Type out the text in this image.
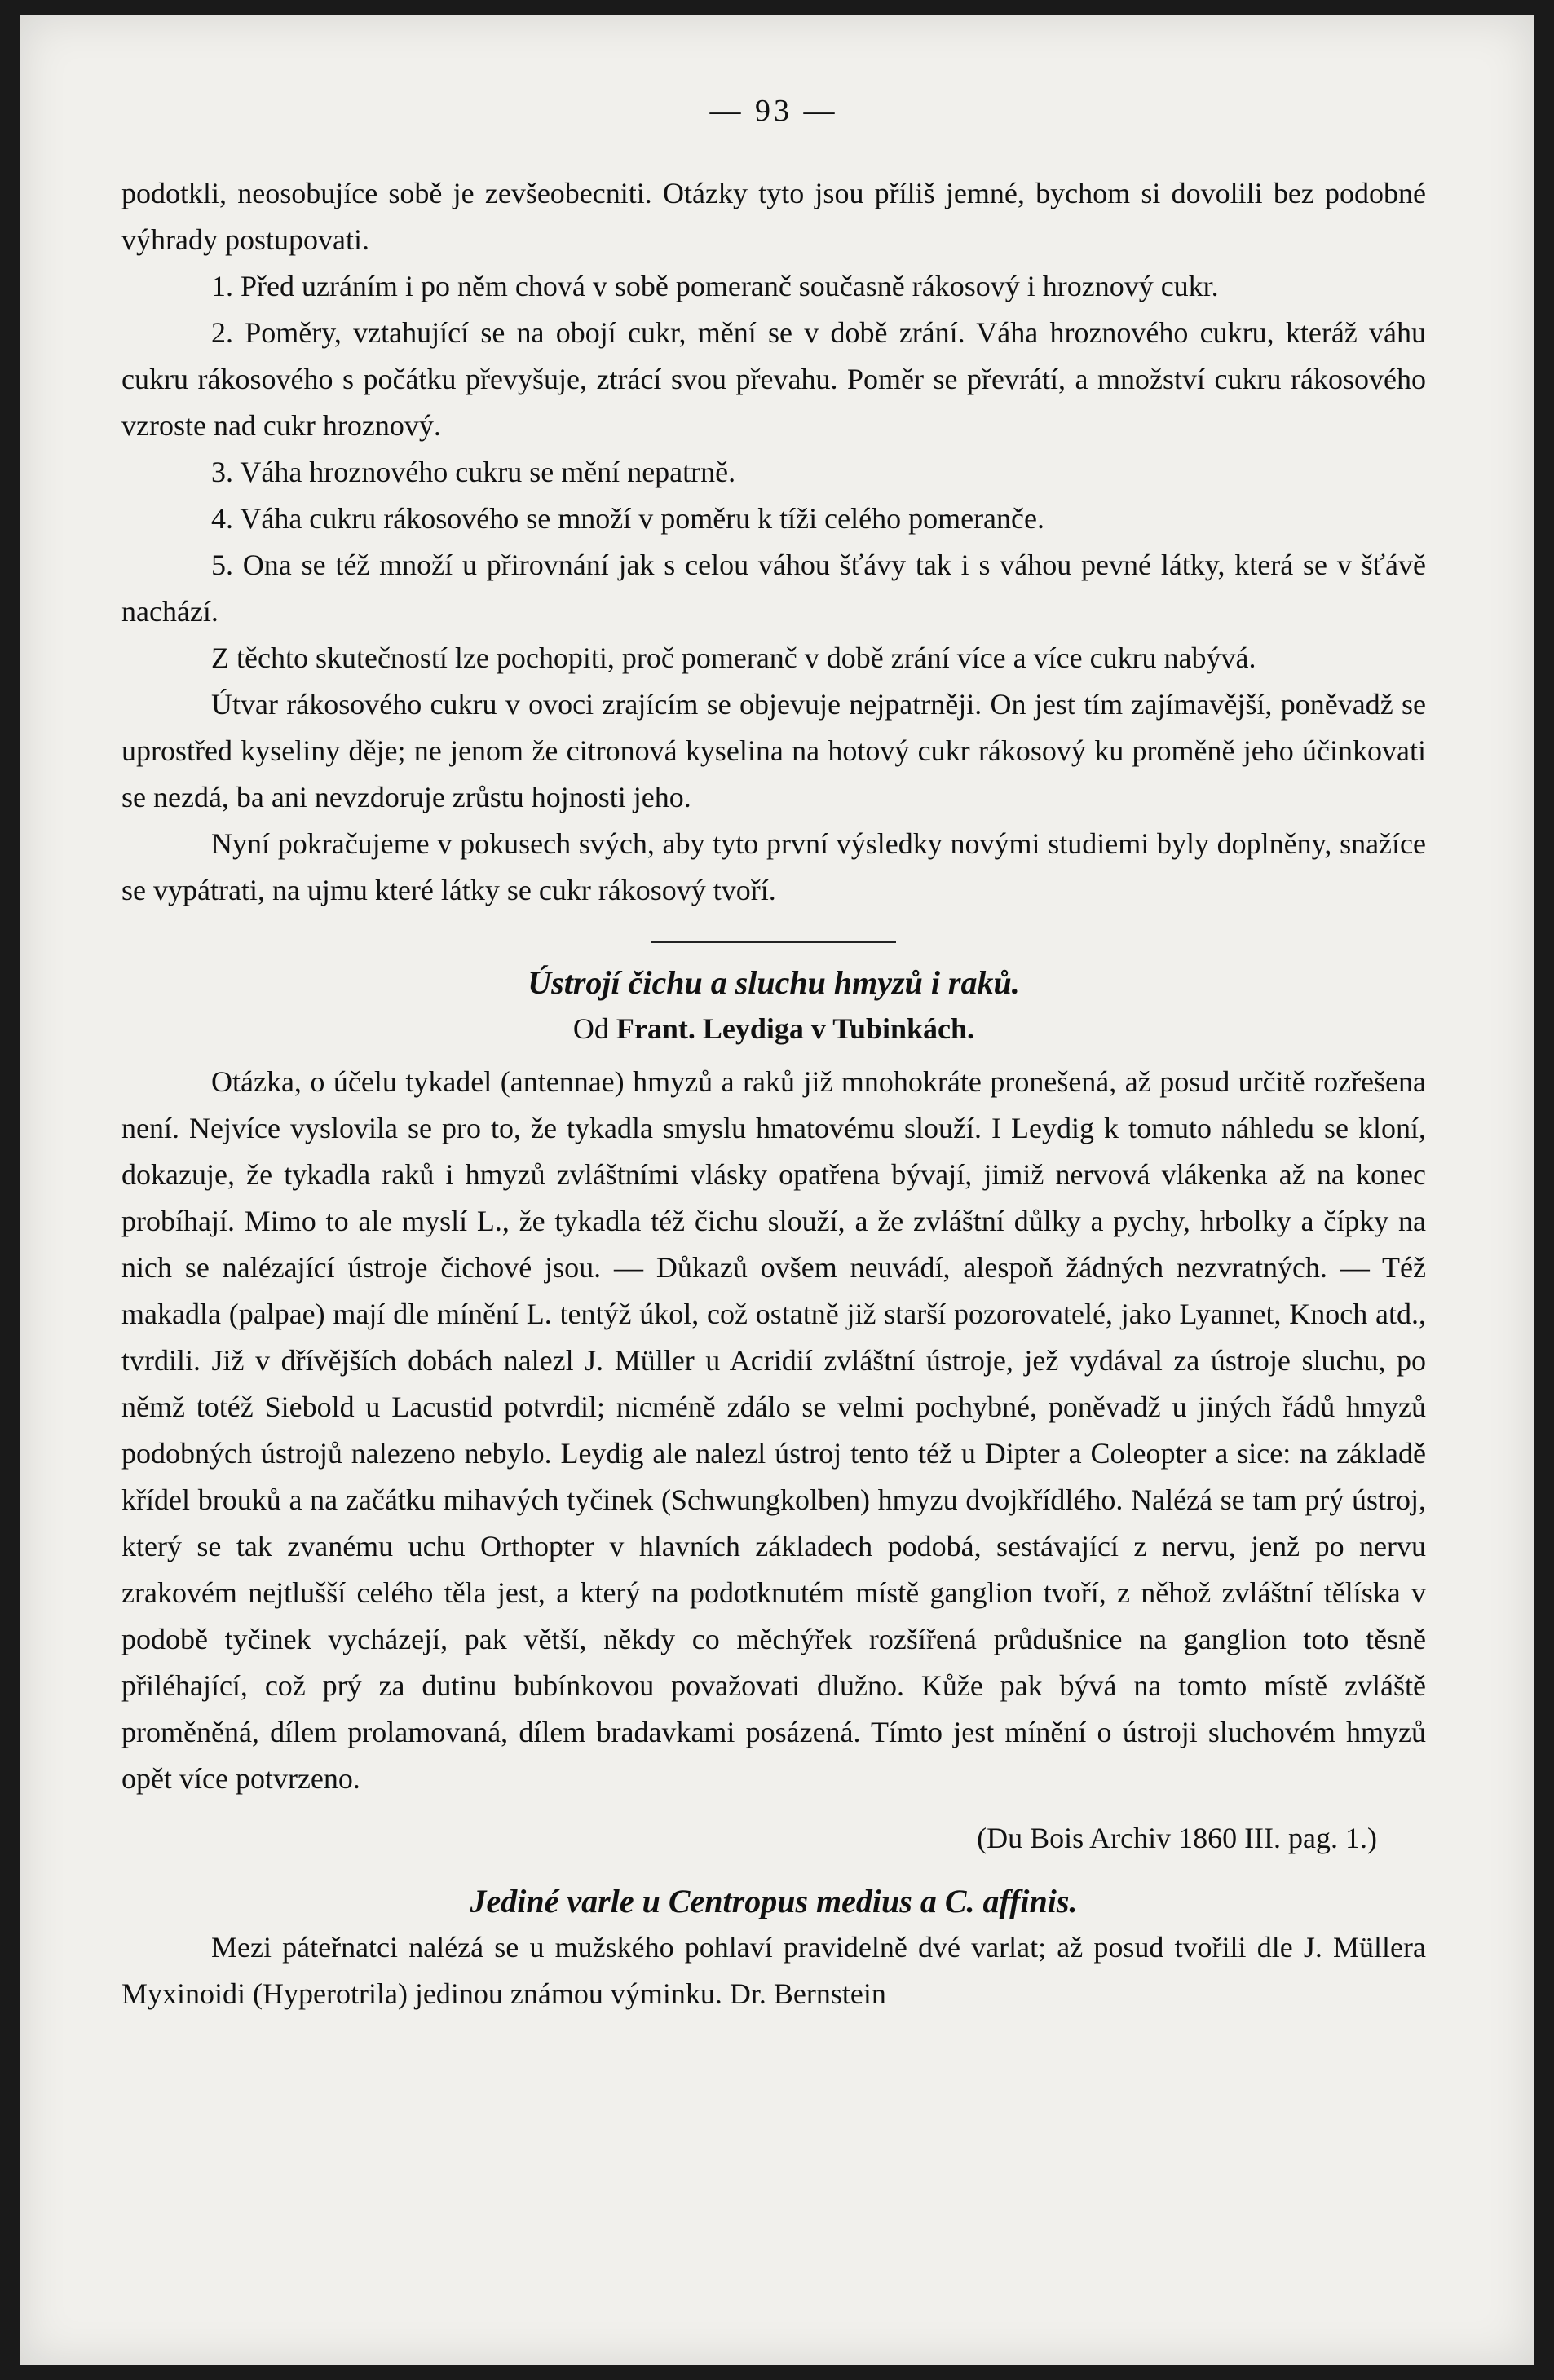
— 93 —

podotkli, neosobujíce sobě je zevšeobecniti. Otázky tyto jsou příliš jemné, bychom si dovolili bez podobné výhrady postupovati.

1. Před uzráním i po něm chová v sobě pomeranč současně rákosový i hroznový cukr.

2. Poměry, vztahující se na obojí cukr, mění se v době zrání. Váha hroznového cukru, kteráž váhu cukru rákosového s počátku převyšuje, ztrácí svou převahu. Poměr se převrátí, a množství cukru rákosového vzroste nad cukr hroznový.

3. Váha hroznového cukru se mění nepatrně.

4. Váha cukru rákosového se množí v poměru k tíži celého pomeranče.

5. Ona se též množí u přirovnání jak s celou váhou šťávy tak i s váhou pevné látky, která se v šťávě nachází.

Z těchto skutečností lze pochopiti, proč pomeranč v době zrání více a více cukru nabývá.

Útvar rákosového cukru v ovoci zrajícím se objevuje nejpatrněji. On jest tím zajímavější, poněvadž se uprostřed kyseliny děje; ne jenom že citronová kyselina na hotový cukr rákosový ku proměně jeho účinkovati se nezdá, ba ani nevzdoruje zrůstu hojnosti jeho.

Nyní pokračujeme v pokusech svých, aby tyto první výsledky novými studiemi byly doplněny, snažíce se vypátrati, na ujmu které látky se cukr rákosový tvoří.

Ústrojí čichu a sluchu hmyzů i raků.
Od Frant. Leydiga v Tubinkách.

Otázka, o účelu tykadel (antennae) hmyzů a raků již mnohokráte pronešená, až posud určitě rozřešena není. Nejvíce vyslovila se pro to, že tykadla smyslu hmatovému slouží. I Leydig k tomuto náhledu se kloní, dokazuje, že tykadla raků i hmyzů zvláštními vlásky opatřena bývají, jimiž nervová vlákenka až na konec probíhají. Mimo to ale myslí L., že tykadla též čichu slouží, a že zvláštní důlky a pychy, hrbolky a čípky na nich se nalézající ústroje čichové jsou. — Důkazů ovšem neuvádí, alespoň žádných nezvratných. — Též makadla (palpae) mají dle mínění L. tentýž úkol, což ostatně již starší pozorovatelé, jako Lyannet, Knoch atd., tvrdili. Již v dřívějších dobách nalezl J. Müller u Acridií zvláštní ústroje, jež vydával za ústroje sluchu, po němž totéž Siebold u Lacustid potvrdil; nicméně zdálo se velmi pochybné, poněvadž u jiných řádů hmyzů podobných ústrojů nalezeno nebylo. Leydig ale nalezl ústroj tento též u Dipter a Coleopter a sice: na základě křídel brouků a na začátku mihavých tyčinek (Schwungkolben) hmyzu dvojkřídlého. Nalézá se tam prý ústroj, který se tak zvanému uchu Orthopter v hlavních základech podobá, sestávající z nervu, jenž po nervu zrakovém nejtlušší celého těla jest, a který na podotknutém místě ganglion tvoří, z něhož zvláštní tělíska v podobě tyčinek vycházejí, pak větší, někdy co měchýřek rozšířená průdušnice na ganglion toto těsně přiléhající, což prý za dutinu bubínkovou považovati dlužno. Kůže pak bývá na tomto místě zvláště proměněná, dílem prolamovaná, dílem bradavkami posázená. Tímto jest mínění o ústroji sluchovém hmyzů opět více potvrzeno.

(Du Bois Archiv 1860 III. pag. 1.)
Jediné varle u Centropus medius a C. affinis.

Mezi páteřnatci nalézá se u mužského pohlaví pravidelně dvé varlat; až posud tvořili dle J. Müllera Myxinoidi (Hyperotrila) jedinou známou výminku. Dr. Bernstein
